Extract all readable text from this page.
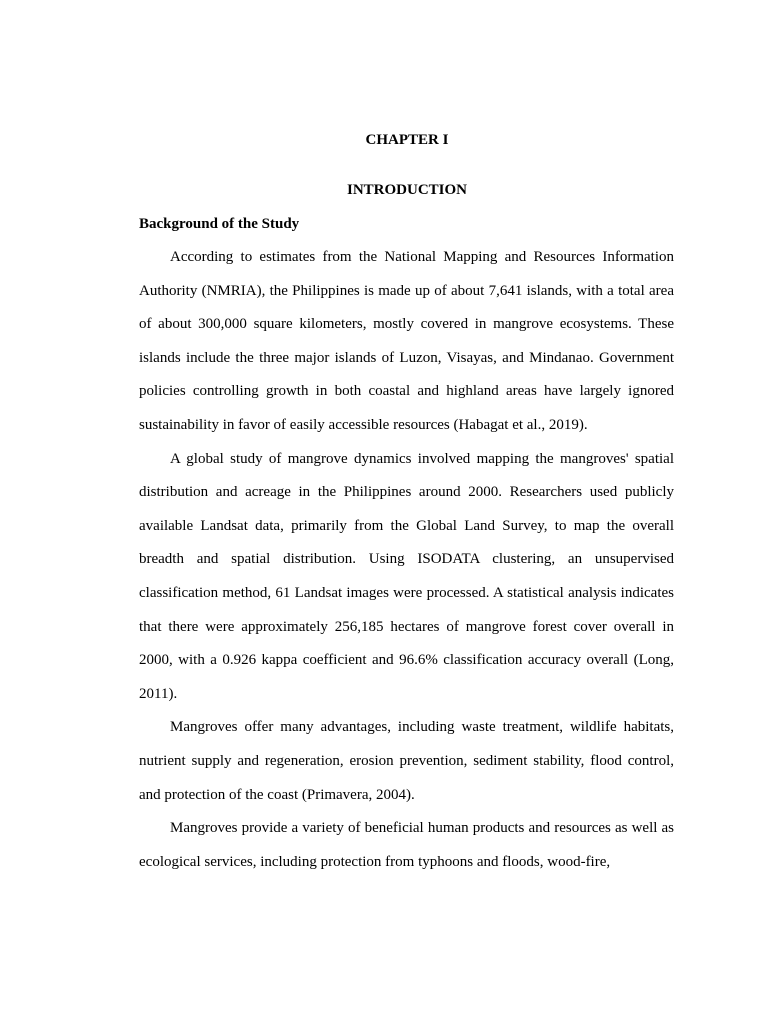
CHAPTER I
INTRODUCTION
Background of the Study

According to estimates from the National Mapping and Resources Information Authority (NMRIA), the Philippines is made up of about 7,641 islands, with a total area of about 300,000 square kilometers, mostly covered in mangrove ecosystems. These islands include the three major islands of Luzon, Visayas, and Mindanao. Government policies controlling growth in both coastal and highland areas have largely ignored sustainability in favor of easily accessible resources (Habagat et al., 2019).

A global study of mangrove dynamics involved mapping the mangroves' spatial distribution and acreage in the Philippines around 2000. Researchers used publicly available Landsat data, primarily from the Global Land Survey, to map the overall breadth and spatial distribution. Using ISODATA clustering, an unsupervised classification method, 61 Landsat images were processed. A statistical analysis indicates that there were approximately 256,185 hectares of mangrove forest cover overall in 2000, with a 0.926 kappa coefficient and 96.6% classification accuracy overall (Long, 2011).

Mangroves offer many advantages, including waste treatment, wildlife habitats, nutrient supply and regeneration, erosion prevention, sediment stability, flood control, and protection of the coast (Primavera, 2004).

Mangroves provide a variety of beneficial human products and resources as well as ecological services, including protection from typhoons and floods, wood-fire,
